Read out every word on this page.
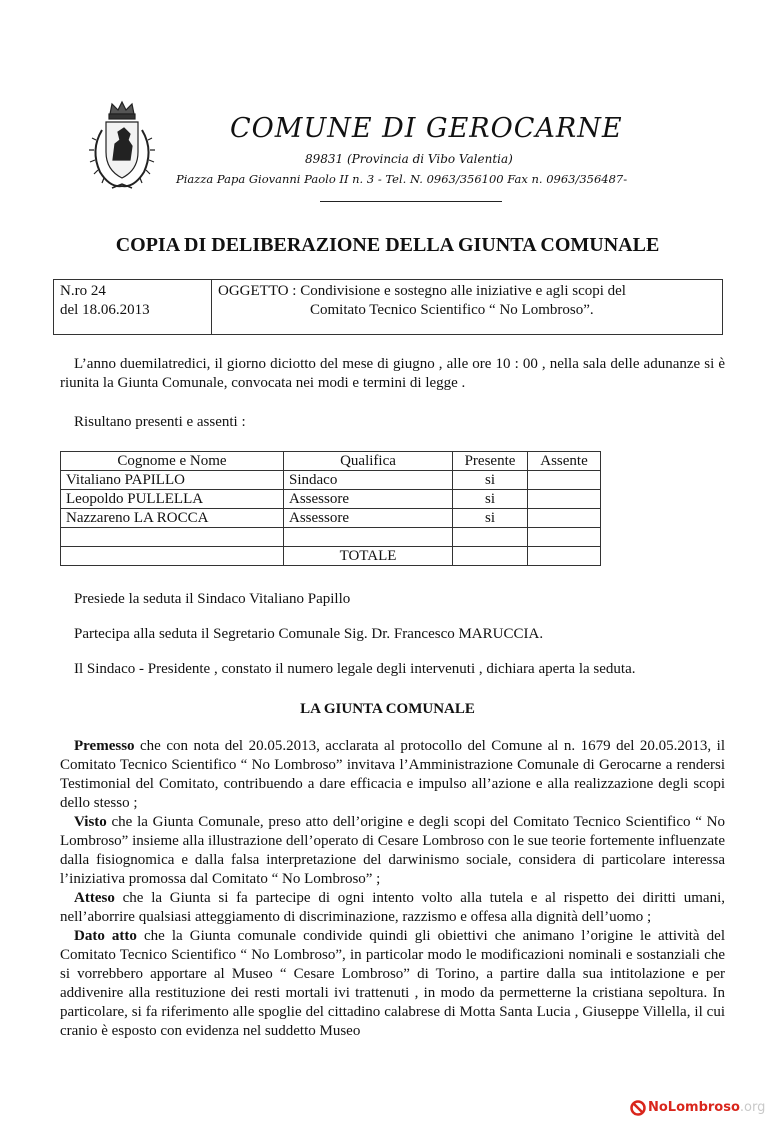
COMUNE DI GEROCARNE
89831 (Provincia di Vibo Valentia)
Piazza Papa Giovanni Paolo II n. 3 - Tel. N. 0963/356100 Fax n. 0963/356487-
COPIA DI DELIBERAZIONE DELLA GIUNTA COMUNALE
N.ro 24
del 18.06.2013
OGGETTO : Condivisione e sostegno alle iniziative e agli scopi del
Comitato Tecnico Scientifico “ No Lombroso”.
L’anno duemilatredici, il giorno diciotto del mese di giugno , alle ore 10 : 00 , nella sala delle adunanze si è riunita la Giunta Comunale, convocata nei modi e termini di legge .
Risultano presenti e assenti :
Cognome e Nome	Qualifica	Presente	Assente
Vitaliano PAPILLO	Sindaco	si	
Leopoldo PULLELLA	Assessore	si	
Nazzareno LA ROCCA	Assessore	si	

	TOTALE		
Presiede la seduta il Sindaco Vitaliano Papillo
Partecipa alla seduta il Segretario Comunale Sig. Dr. Francesco MARUCCIA.
Il Sindaco - Presidente , constato il numero legale degli intervenuti , dichiara aperta la seduta.
LA GIUNTA COMUNALE
Premesso che con nota del 20.05.2013, acclarata al protocollo del Comune al n. 1679 del 20.05.2013, il Comitato Tecnico Scientifico “ No Lombroso” invitava l’Amministrazione Comunale di Gerocarne a rendersi Testimonial del Comitato, contribuendo a dare efficacia e impulso all’azione e alla realizzazione degli scopi dello stesso ;
Visto che la Giunta Comunale, preso atto dell’origine e degli scopi del Comitato Tecnico Scientifico “ No Lombroso” insieme alla illustrazione dell’operato di Cesare Lombroso con le sue teorie fortemente influenzate dalla fisiognomica e dalla falsa interpretazione del darwinismo sociale, considera di particolare interessa l’iniziativa promossa dal Comitato “ No Lombroso” ;
Atteso che la Giunta si fa partecipe di ogni intento volto alla tutela e al rispetto dei diritti umani, nell’aborrire qualsiasi atteggiamento di discriminazione, razzismo e offesa alla dignità dell’uomo ;
Dato atto che la Giunta comunale condivide quindi gli obiettivi che animano l’origine le attività del Comitato Tecnico Scientifico “ No Lombroso”, in particolar modo le modificazioni nominali e sostanziali che si vorrebbero apportare al Museo “ Cesare Lombroso” di Torino, a partire dalla sua intitolazione e per addivenire alla restituzione dei resti mortali ivi trattenuti , in modo da permetterne la cristiana sepoltura. In particolare, si fa riferimento alle spoglie del cittadino calabrese di Motta Santa Lucia , Giuseppe Villella, il cui cranio è esposto con evidenza nel suddetto Museo
NoLombroso.org
